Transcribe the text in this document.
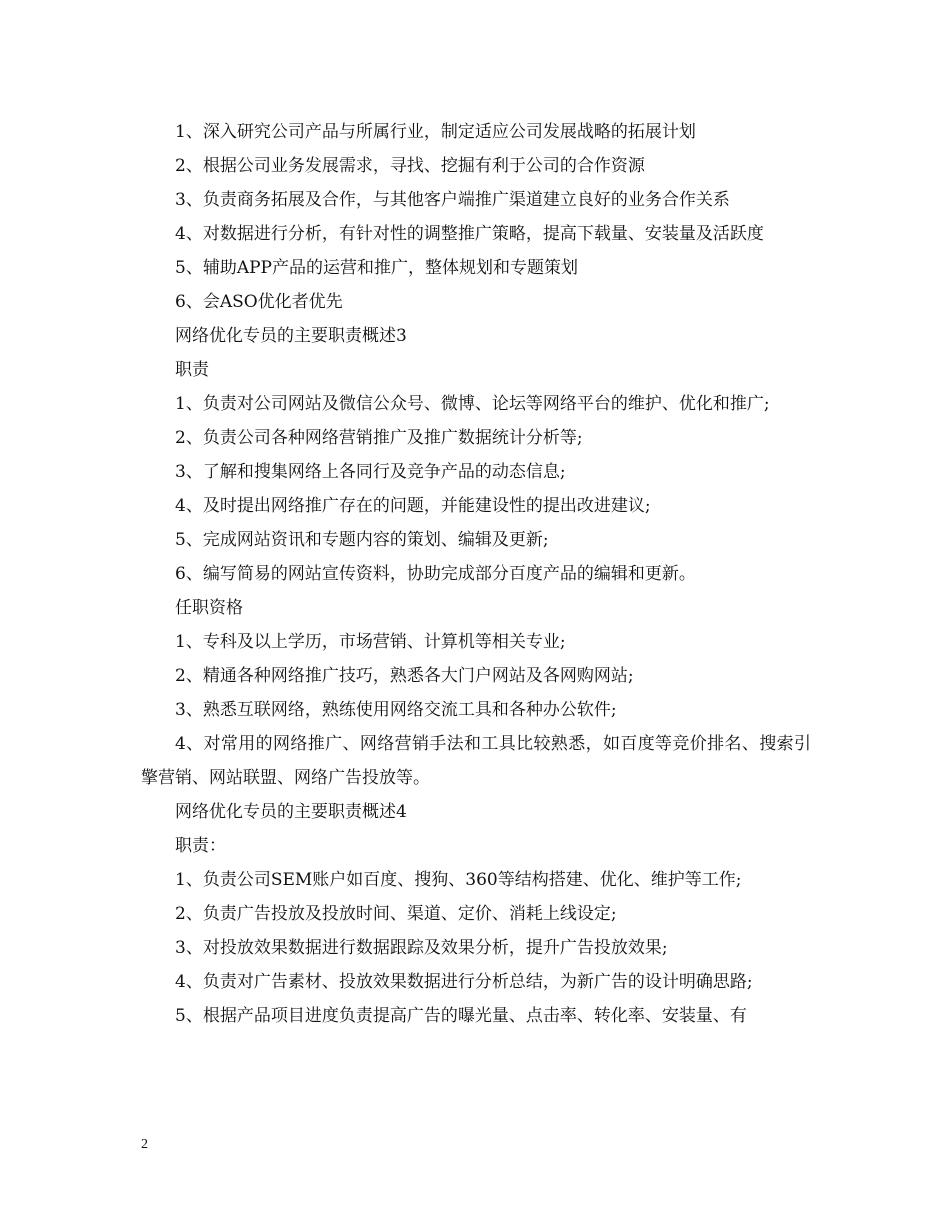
1、深入研究公司产品与所属行业，制定适应公司发展战略的拓展计划

2、根据公司业务发展需求，寻找、挖掘有利于公司的合作资源

3、负责商务拓展及合作，与其他客户端推广渠道建立良好的业务合作关系

4、对数据进行分析，有针对性的调整推广策略，提高下载量、安装量及活跃度

5、辅助APP产品的运营和推广，整体规划和专题策划

6、会ASO优化者优先

网络优化专员的主要职责概述3

职责

1、负责对公司网站及微信公众号、微博、论坛等网络平台的维护、优化和推广;

2、负责公司各种网络营销推广及推广数据统计分析等;

3、了解和搜集网络上各同行及竞争产品的动态信息;

4、及时提出网络推广存在的问题，并能建设性的提出改进建议;

5、完成网站资讯和专题内容的策划、编辑及更新;

6、编写简易的网站宣传资料，协助完成部分百度产品的编辑和更新。

任职资格

1、专科及以上学历，市场营销、计算机等相关专业;

2、精通各种网络推广技巧，熟悉各大门户网站及各网购网站;

3、熟悉互联网络，熟练使用网络交流工具和各种办公软件;

4、对常用的网络推广、网络营销手法和工具比较熟悉，如百度等竞价排名、搜索引擎营销、网站联盟、网络广告投放等。

网络优化专员的主要职责概述4

职责：

1、负责公司SEM账户如百度、搜狗、360等结构搭建、优化、维护等工作;

2、负责广告投放及投放时间、渠道、定价、消耗上线设定;

3、对投放效果数据进行数据跟踪及效果分析，提升广告投放效果;

4、负责对广告素材、投放效果数据进行分析总结，为新广告的设计明确思路;

5、根据产品项目进度负责提高广告的曝光量、点击率、转化率、安装量、有

2
